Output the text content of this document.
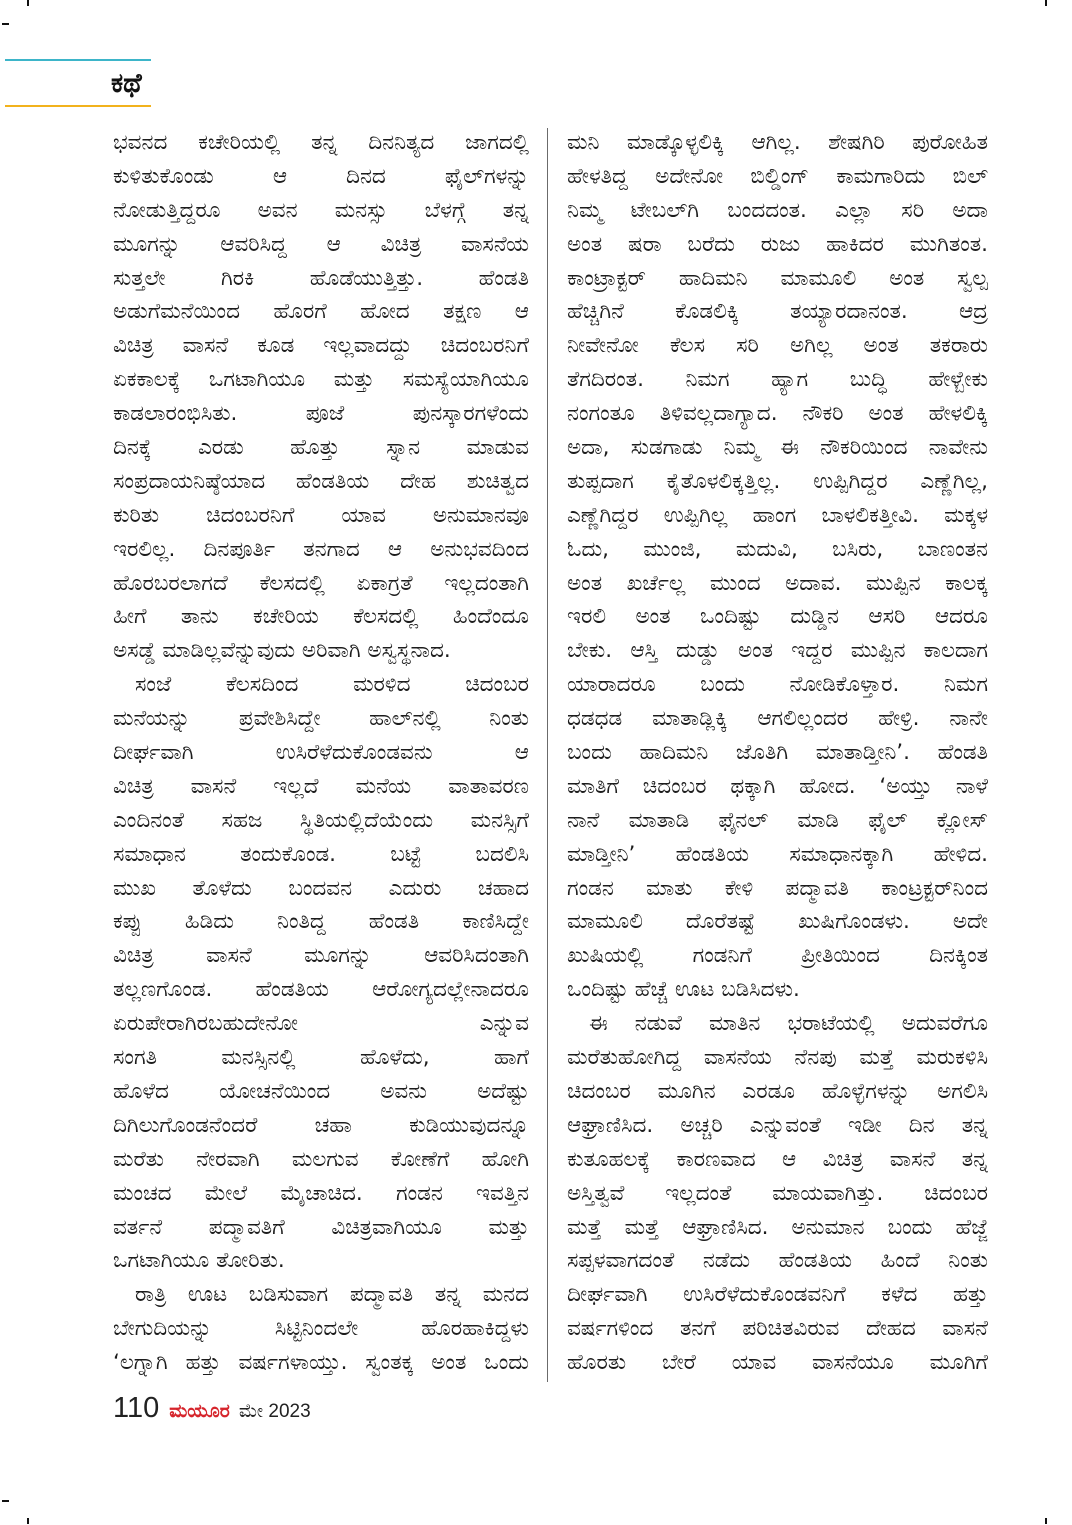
ಕಥೆ
ಭವನದ ಕಚೇರಿಯಲ್ಲಿ ತನ್ನ ದಿನನಿತ್ಯದ ಜಾಗದಲ್ಲಿ
ಕುಳಿತುಕೊಂಡು ಆ ದಿನದ ಫೈಲ್‌ಗಳನ್ನು
ನೋಡುತ್ತಿದ್ದರೂ ಅವನ ಮನಸ್ಸು ಬೆಳಗ್ಗೆ ತನ್ನ
ಮೂಗನ್ನು ಆವರಿಸಿದ್ದ ಆ ವಿಚಿತ್ರ ವಾಸನೆಯ
ಸುತ್ತಲೇ ಗಿರಕಿ ಹೊಡೆಯುತ್ತಿತ್ತು. ಹೆಂಡತಿ
ಅಡುಗೆಮನೆಯಿಂದ ಹೊರಗೆ ಹೋದ ತಕ್ಷಣ ಆ
ವಿಚಿತ್ರ ವಾಸನೆ ಕೂಡ ಇಲ್ಲವಾದದ್ದು ಚಿದಂಬರನಿಗೆ
ಏಕಕಾಲಕ್ಕೆ ಒಗಟಾಗಿಯೂ ಮತ್ತು ಸಮಸ್ಯೆಯಾಗಿಯೂ
ಕಾಡಲಾರಂಭಿಸಿತು. ಪೂಜೆ ಪುನಸ್ಕಾರಗಳೆಂದು
ದಿನಕ್ಕೆ ಎರಡು ಹೊತ್ತು ಸ್ನಾನ ಮಾಡುವ
ಸಂಪ್ರದಾಯನಿಷ್ಠೆಯಾದ ಹೆಂಡತಿಯ ದೇಹ ಶುಚಿತ್ವದ
ಕುರಿತು ಚಿದಂಬರನಿಗೆ ಯಾವ ಅನುಮಾನವೂ
ಇರಲಿಲ್ಲ. ದಿನಪೂರ್ತಿ ತನಗಾದ ಆ ಅನುಭವದಿಂದ
ಹೊರಬರಲಾಗದೆ ಕೆಲಸದಲ್ಲಿ ಏಕಾಗ್ರತೆ ಇಲ್ಲದಂತಾಗಿ
ಹೀಗೆ ತಾನು ಕಚೇರಿಯ ಕೆಲಸದಲ್ಲಿ ಹಿಂದೆಂದೂ
ಅಸಡ್ಡೆ ಮಾಡಿಲ್ಲವೆನ್ನುವುದು ಅರಿವಾಗಿ ಅಸ್ವಸ್ಥನಾದ.
ಸಂಜೆ ಕೆಲಸದಿಂದ ಮರಳಿದ ಚಿದಂಬರ
ಮನೆಯನ್ನು ಪ್ರವೇಶಿಸಿದ್ದೇ ಹಾಲ್‌ನಲ್ಲಿ ನಿಂತು
ದೀರ್ಘವಾಗಿ ಉಸಿರೆಳೆದುಕೊಂಡವನು ಆ
ವಿಚಿತ್ರ ವಾಸನೆ ಇಲ್ಲದೆ ಮನೆಯ ವಾತಾವರಣ
ಎಂದಿನಂತೆ ಸಹಜ ಸ್ಥಿತಿಯಲ್ಲಿದೆಯೆಂದು ಮನಸ್ಸಿಗೆ
ಸಮಾಧಾನ ತಂದುಕೊಂಡ. ಬಟ್ಟೆ ಬದಲಿಸಿ
ಮುಖ ತೊಳೆದು ಬಂದವನ ಎದುರು ಚಹಾದ
ಕಪ್ಪು ಹಿಡಿದು ನಿಂತಿದ್ದ ಹೆಂಡತಿ ಕಾಣಿಸಿದ್ದೇ
ವಿಚಿತ್ರ ವಾಸನೆ ಮೂಗನ್ನು ಆವರಿಸಿದಂತಾಗಿ
ತಲ್ಲಣಗೊಂಡ. ಹೆಂಡತಿಯ ಆರೋಗ್ಯದಲ್ಲೇನಾದರೂ
ಏರುಪೇರಾಗಿರಬಹುದೇನೋ ಎನ್ನುವ
ಸಂಗತಿ ಮನಸ್ಸಿನಲ್ಲಿ ಹೊಳೆದು, ಹಾಗೆ
ಹೊಳೆದ ಯೋಚನೆಯಿಂದ ಅವನು ಅದೆಷ್ಟು
ದಿಗಿಲುಗೊಂಡನೆಂದರೆ ಚಹಾ ಕುಡಿಯುವುದನ್ನೂ
ಮರೆತು ನೇರವಾಗಿ ಮಲಗುವ ಕೋಣೆಗೆ ಹೋಗಿ
ಮಂಚದ ಮೇಲೆ ಮೈಚಾಚಿದ. ಗಂಡನ ಇವತ್ತಿನ
ವರ್ತನೆ ಪದ್ಮಾವತಿಗೆ ವಿಚಿತ್ರವಾಗಿಯೂ ಮತ್ತು
ಒಗಟಾಗಿಯೂ ತೋರಿತು.
ರಾತ್ರಿ ಊಟ ಬಡಿಸುವಾಗ ಪದ್ಮಾವತಿ ತನ್ನ ಮನದ
ಬೇಗುದಿಯನ್ನು ಸಿಟ್ಟಿನಿಂದಲೇ ಹೊರಹಾಕಿದ್ದಳು
‘ಲಗ್ನಾಗಿ ಹತ್ತು ವರ್ಷಗಳಾಯ್ತು. ಸ್ವಂತಕ್ಕ ಅಂತ ಒಂದು
ಮನಿ ಮಾಡ್ಕೊಳ್ಳಲಿಕ್ಕಿ ಆಗಿಲ್ಲ. ಶೇಷಗಿರಿ ಪುರೋಹಿತ
ಹೇಳತಿದ್ದ ಅದೇನೋ ಬಿಲ್ಡಿಂಗ್ ಕಾಮಗಾರಿದು ಬಿಲ್
ನಿಮ್ಮ ಟೇಬಲ್‌ಗಿ ಬಂದದಂತ. ಎಲ್ಲಾ ಸರಿ ಅದಾ
ಅಂತ ಷರಾ ಬರೆದು ರುಜು ಹಾಕಿದರ ಮುಗಿತಂತ.
ಕಾಂಟ್ರಾಕ್ಟರ್ ಹಾದಿಮನಿ ಮಾಮೂಲಿ ಅಂತ ಸ್ವಲ್ಪ
ಹೆಚ್ಚಿಗಿನೆ ಕೊಡಲಿಕ್ಕಿ ತಯ್ಯಾರದಾನಂತ. ಆದ್ರ
ನೀವೇನೋ ಕೆಲಸ ಸರಿ ಅಗಿಲ್ಲ ಅಂತ ತಕರಾರು
ತೆಗದಿರಂತ. ನಿಮಗ ಹ್ಯಾಗ ಬುದ್ಧಿ ಹೇಳ್ಬೇಕು
ನಂಗಂತೂ ತಿಳಿವಲ್ಲದಾಗ್ಯಾದ. ನೌಕರಿ ಅಂತ ಹೇಳಲಿಕ್ಕಿ
ಅದಾ, ಸುಡಗಾಡು ನಿಮ್ಮ ಈ ನೌಕರಿಯಿಂದ ನಾವೇನು
ತುಪ್ಪದಾಗ ಕೈತೊಳಲಿಕ್ಕತ್ತಿಲ್ಲ. ಉಪ್ಪಿಗಿದ್ದರ ಎಣ್ಣೆಗಿಲ್ಲ,
ಎಣ್ಣೆಗಿದ್ದರ ಉಪ್ಪಿಗಿಲ್ಲ ಹಾಂಗ ಬಾಳಲಿಕತ್ತೀವಿ. ಮಕ್ಕಳ
ಓದು, ಮುಂಜಿ, ಮದುವಿ, ಬಸಿರು, ಬಾಣಂತನ
ಅಂತ ಖರ್ಚೆಲ್ಲ ಮುಂದ ಅದಾವ. ಮುಪ್ಪಿನ ಕಾಲಕ್ಕ
ಇರಲಿ ಅಂತ ಒಂದಿಷ್ಟು ದುಡ್ಡಿನ ಆಸರಿ ಆದರೂ
ಬೇಕು. ಆಸ್ತಿ ದುಡ್ಡು ಅಂತ ಇದ್ದರ ಮುಪ್ಪಿನ ಕಾಲದಾಗ
ಯಾರಾದರೂ ಬಂದು ನೋಡಿಕೊಳ್ತಾರ. ನಿಮಗ
ಧಡಧಡ ಮಾತಾಡ್ಲಿಕ್ಕಿ ಆಗಲಿಲ್ಲಂದರ ಹೇಳ್ರಿ. ನಾನೇ
ಬಂದು ಹಾದಿಮನಿ ಜೊತಿಗಿ ಮಾತಾಡ್ತೀನಿ’. ಹೆಂಡತಿ
ಮಾತಿಗೆ ಚಿದಂಬರ ಥಕ್ಕಾಗಿ ಹೋದ. ‘ಅಯ್ತು ನಾಳೆ
ನಾನೆ ಮಾತಾಡಿ ಫೈನಲ್ ಮಾಡಿ ಫೈಲ್ ಕ್ಲೋಸ್
ಮಾಡ್ತೀನಿ’ ಹೆಂಡತಿಯ ಸಮಾಧಾನಕ್ಕಾಗಿ ಹೇಳಿದ.
ಗಂಡನ ಮಾತು ಕೇಳಿ ಪದ್ಮಾವತಿ ಕಾಂಟ್ರಕ್ಟರ್‌ನಿಂದ
ಮಾಮೂಲಿ ದೊರೆತಷ್ಟೆ ಖುಷಿಗೊಂಡಳು. ಅದೇ
ಖುಷಿಯಲ್ಲಿ ಗಂಡನಿಗೆ ಪ್ರೀತಿಯಿಂದ ದಿನಕ್ಕಿಂತ
ಒಂದಿಷ್ಟು ಹೆಚ್ಚೆ ಊಟ ಬಡಿಸಿದಳು.
ಈ ನಡುವೆ ಮಾತಿನ ಭರಾಟೆಯಲ್ಲಿ ಅದುವರೆಗೂ
ಮರೆತುಹೋಗಿದ್ದ ವಾಸನೆಯ ನೆನಪು ಮತ್ತೆ ಮರುಕಳಿಸಿ
ಚಿದಂಬರ ಮೂಗಿನ ಎರಡೂ ಹೊಳ್ಳೆಗಳನ್ನು ಅಗಲಿಸಿ
ಆಘ್ರಾಣಿಸಿದ. ಅಚ್ಚರಿ ಎನ್ನುವಂತೆ ಇಡೀ ದಿನ ತನ್ನ
ಕುತೂಹಲಕ್ಕೆ ಕಾರಣವಾದ ಆ ವಿಚಿತ್ರ ವಾಸನೆ ತನ್ನ
ಅಸ್ತಿತ್ವವೆ ಇಲ್ಲದಂತೆ ಮಾಯವಾಗಿತ್ತು. ಚಿದಂಬರ
ಮತ್ತೆ ಮತ್ತೆ ಆಘ್ರಾಣಿಸಿದ. ಅನುಮಾನ ಬಂದು ಹೆಜ್ಜೆ
ಸಪ್ಪಳವಾಗದಂತೆ ನಡೆದು ಹೆಂಡತಿಯ ಹಿಂದೆ ನಿಂತು
ದೀರ್ಘವಾಗಿ ಉಸಿರೆಳೆದುಕೊಂಡವನಿಗೆ ಕಳೆದ ಹತ್ತು
ವರ್ಷಗಳಿಂದ ತನಗೆ ಪರಿಚಿತವಿರುವ ದೇಹದ ವಾಸನೆ
ಹೊರತು ಬೇರೆ ಯಾವ ವಾಸನೆಯೂ ಮೂಗಿಗೆ
110 ಮಯೂರ ಮೇ 2023
